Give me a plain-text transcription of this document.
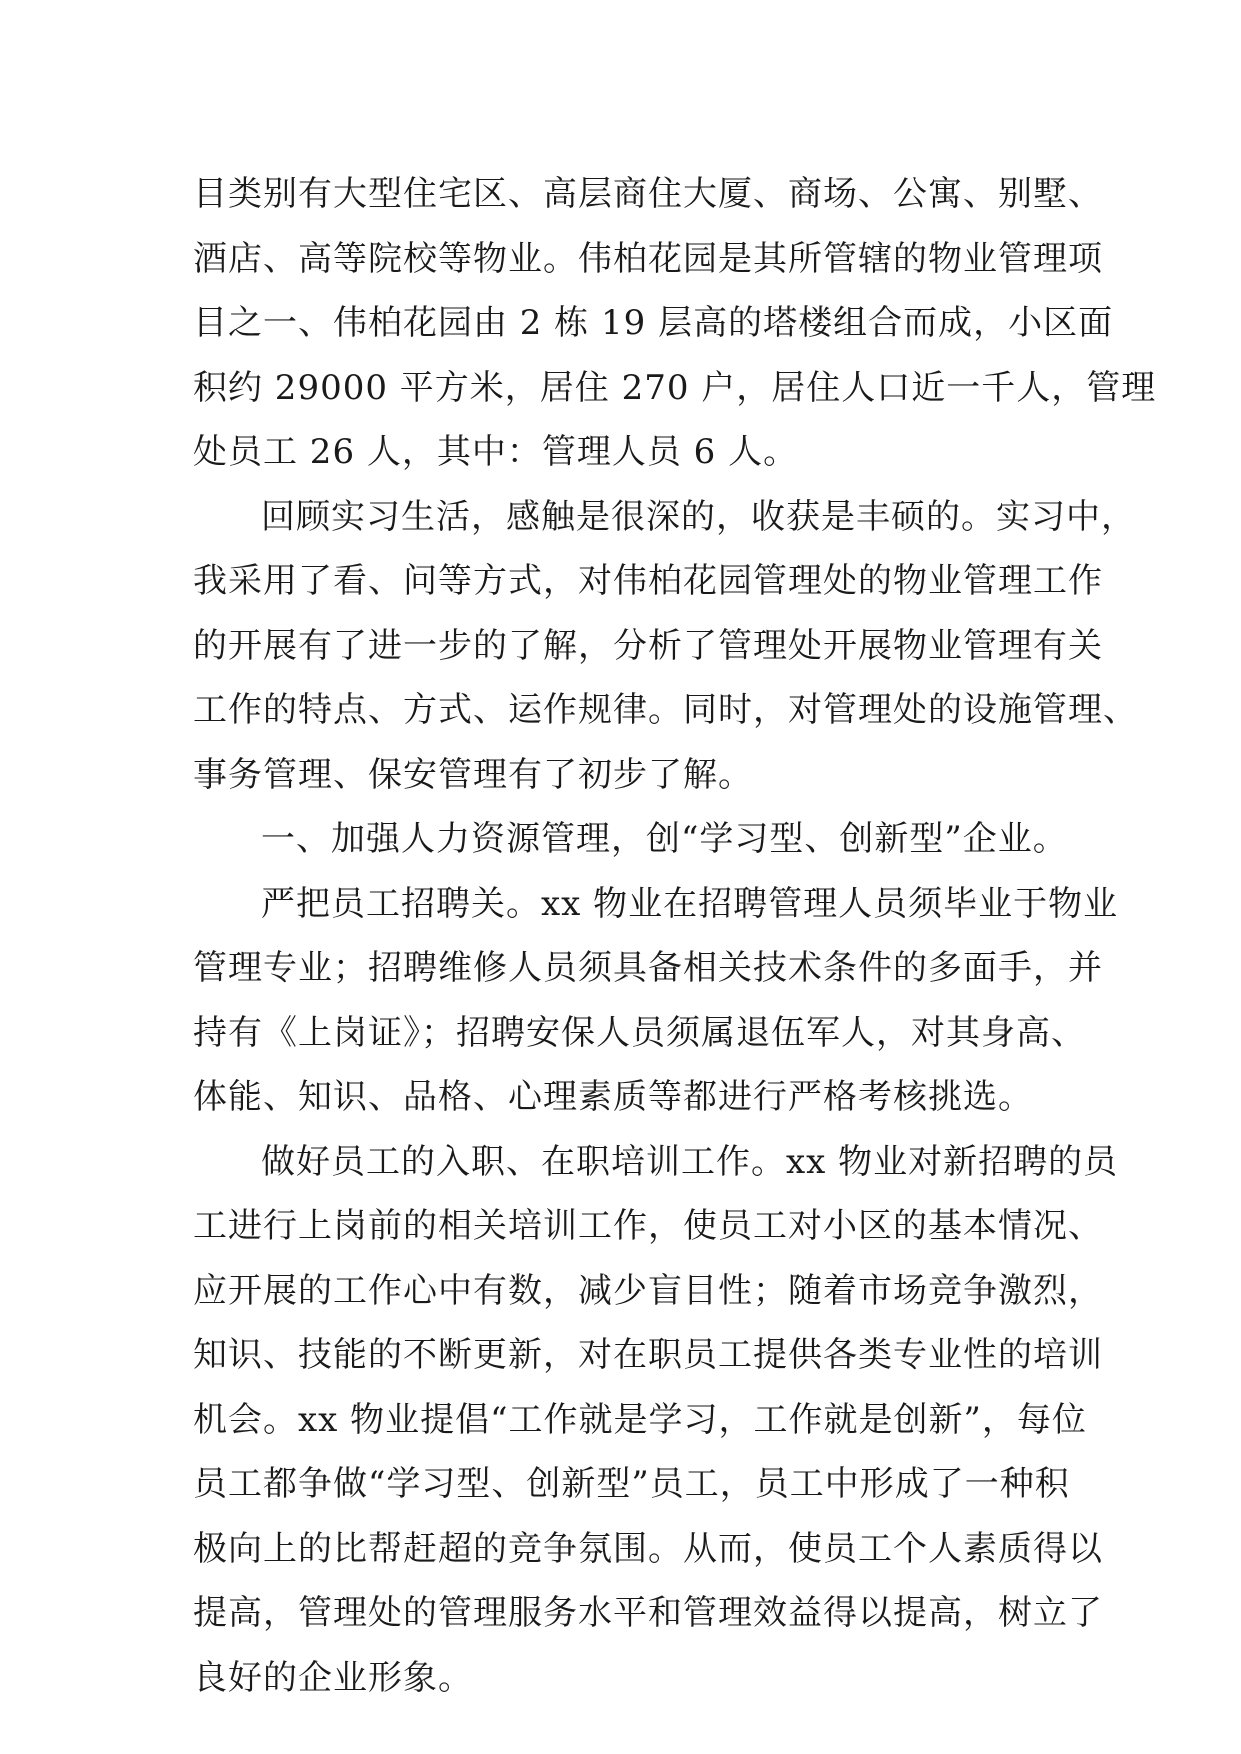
目类别有大型住宅区、高层商住大厦、商场、公寓、别墅、
酒店、高等院校等物业。伟柏花园是其所管辖的物业管理项
目之一、伟柏花园由 2 栋 19 层高的塔楼组合而成，小区面
积约 29000 平方米，居住 270 户，居住人口近一千人，管理
处员工 26 人，其中：管理人员 6 人。
回顾实习生活，感触是很深的，收获是丰硕的。实习中，
我采用了看、问等方式，对伟柏花园管理处的物业管理工作
的开展有了进一步的了解，分析了管理处开展物业管理有关
工作的特点、方式、运作规律。同时，对管理处的设施管理、
事务管理、保安管理有了初步了解。
一、加强人力资源管理，创“学习型、创新型”企业。
严把员工招聘关。xx 物业在招聘管理人员须毕业于物业
管理专业；招聘维修人员须具备相关技术条件的多面手，并
持有《上岗证》；招聘安保人员须属退伍军人，对其身高、
体能、知识、品格、心理素质等都进行严格考核挑选。
做好员工的入职、在职培训工作。xx 物业对新招聘的员
工进行上岗前的相关培训工作，使员工对小区的基本情况、
应开展的工作心中有数，减少盲目性；随着市场竞争激烈，
知识、技能的不断更新，对在职员工提供各类专业性的培训
机会。xx 物业提倡“工作就是学习，工作就是创新”，每位
员工都争做“学习型、创新型”员工，员工中形成了一种积
极向上的比帮赶超的竞争氛围。从而，使员工个人素质得以
提高，管理处的管理服务水平和管理效益得以提高，树立了
良好的企业形象。
